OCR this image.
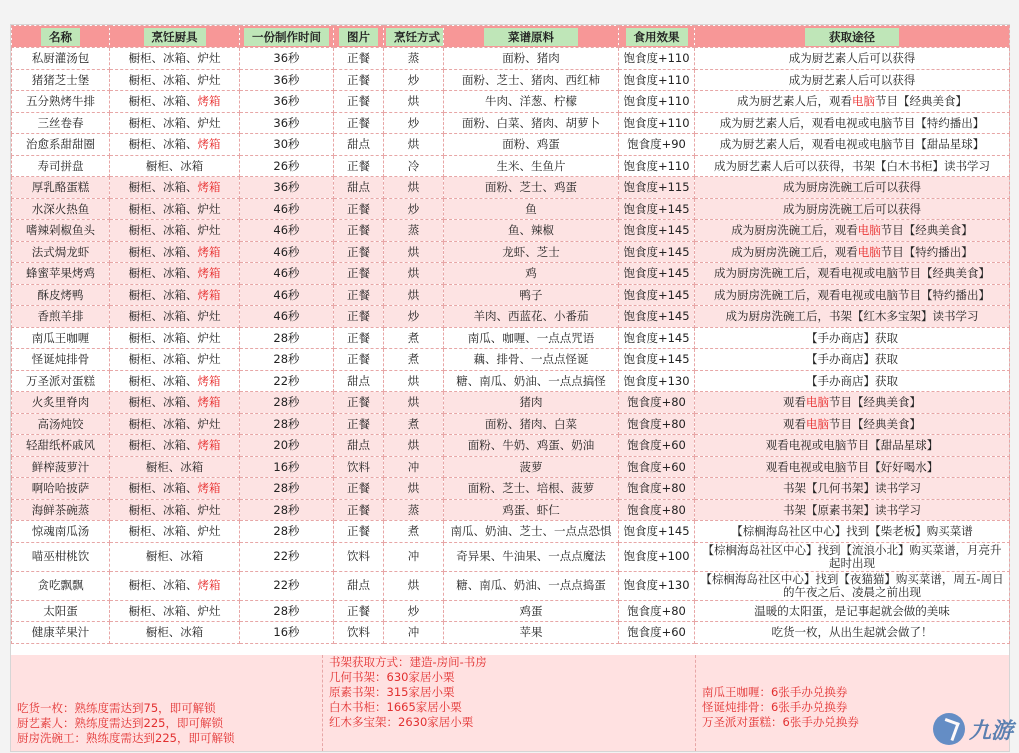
名称	烹饪厨具	一份制作时间	图片	烹饪方式	菜谱原料	食用效果	获取途径
私厨灌汤包	橱柜、冰箱、炉灶	36秒	正餐	蒸	面粉、猪肉	饱食度+110	成为厨艺素人后可以获得
猪猪芝士堡	橱柜、冰箱、炉灶	36秒	正餐	炒	面粉、芝士、猪肉、西红柿	饱食度+110	成为厨艺素人后可以获得
五分熟烤牛排	橱柜、冰箱、烤箱	36秒	正餐	烘	牛肉、洋葱、柠檬	饱食度+110	成为厨艺素人后，观看电脑节目【经典美食】
三丝卷春	橱柜、冰箱、炉灶	36秒	正餐	炒	面粉、白菜、猪肉、胡萝卜	饱食度+110	成为厨艺素人后，观看电视或电脑节目【特约播出】
治愈系甜甜圈	橱柜、冰箱、烤箱	30秒	甜点	烘	面粉、鸡蛋	饱食度+90	成为厨艺素人后，观看电视或电脑节目【甜品星球】
寿司拼盘	橱柜、冰箱	26秒	正餐	冷	生米、生鱼片	饱食度+110	成为厨艺素人后可以获得，书架【白木书柜】读书学习
厚乳酪蛋糕	橱柜、冰箱、烤箱	36秒	甜点	烘	面粉、芝士、鸡蛋	饱食度+115	成为厨房洗碗工后可以获得
水深火热鱼	橱柜、冰箱、炉灶	46秒	正餐	炒	鱼	饱食度+145	成为厨房洗碗工后可以获得
嗜辣剁椒鱼头	橱柜、冰箱、炉灶	46秒	正餐	蒸	鱼、辣椒	饱食度+145	成为厨房洗碗工后，观看电脑节目【经典美食】
法式焗龙虾	橱柜、冰箱、烤箱	46秒	正餐	烘	龙虾、芝士	饱食度+145	成为厨房洗碗工后，观看电脑节目【特约播出】
蜂蜜苹果烤鸡	橱柜、冰箱、烤箱	46秒	正餐	烘	鸡	饱食度+145	成为厨房洗碗工后，观看电视或电脑节目【经典美食】
酥皮烤鸭	橱柜、冰箱、烤箱	46秒	正餐	烘	鸭子	饱食度+145	成为厨房洗碗工后，观看电视或电脑节目【特约播出】
香煎羊排	橱柜、冰箱、炉灶	46秒	正餐	炒	羊肉、西蓝花、小番茄	饱食度+145	成为厨房洗碗工后，书架【红木多宝架】读书学习
南瓜王咖喱	橱柜、冰箱、炉灶	28秒	正餐	煮	南瓜、咖喱、一点点咒语	饱食度+145	【手办商店】获取
怪诞炖排骨	橱柜、冰箱、炉灶	28秒	正餐	煮	藕、排骨、一点点怪诞	饱食度+145	【手办商店】获取
万圣派对蛋糕	橱柜、冰箱、烤箱	22秒	甜点	烘	糖、南瓜、奶油、一点点搞怪	饱食度+130	【手办商店】获取
火炙里脊肉	橱柜、冰箱、烤箱	28秒	正餐	烘	猪肉	饱食度+80	观看电脑节目【经典美食】
高汤炖饺	橱柜、冰箱、炉灶	28秒	正餐	煮	面粉、猪肉、白菜	饱食度+80	观看电脑节目【经典美食】
轻甜纸杯戚风	橱柜、冰箱、烤箱	20秒	甜点	烘	面粉、牛奶、鸡蛋、奶油	饱食度+60	观看电视或电脑节目【甜品星球】
鲜榨菠萝汁	橱柜、冰箱	16秒	饮料	冲	菠萝	饱食度+60	观看电视或电脑节目【好好喝水】
啊哈哈披萨	橱柜、冰箱、烤箱	28秒	正餐	烘	面粉、芝士、培根、菠萝	饱食度+80	书架【几何书架】读书学习
海鲜茶碗蒸	橱柜、冰箱、炉灶	28秒	正餐	蒸	鸡蛋、虾仁	饱食度+80	书架【原素书架】读书学习
惊魂南瓜汤	橱柜、冰箱、炉灶	28秒	正餐	煮	南瓜、奶油、芝士、一点点恐惧	饱食度+145	【棕榈海岛社区中心】找到【柴老板】购买菜谱
喵巫柑桃饮	橱柜、冰箱	22秒	饮料	冲	奇异果、牛油果、一点点魔法	饱食度+100	【棕榈海岛社区中心】找到【流浪小北】购买菜谱，月亮升起时出现
贪吃飘飘	橱柜、冰箱、烤箱	22秒	甜点	烘	糖、南瓜、奶油、一点点捣蛋	饱食度+130	【棕榈海岛社区中心】找到【夜猫猫】购买菜谱，周五-周日的午夜之后、凌晨之前出现
太阳蛋	橱柜、冰箱、炉灶	28秒	正餐	炒	鸡蛋	饱食度+80	温暖的太阳蛋，是记事起就会做的美味
健康苹果汁	橱柜、冰箱	16秒	饮料	冲	苹果	饱食度+60	吃货一枚，从出生起就会做了！
吃货一枚：熟练度需达到75，即可解锁
厨艺素人：熟练度需达到225，即可解锁
厨房洗碗工：熟练度需达到225，即可解锁
书架获取方式：建造-房间-书房
几何书架：630家居小栗
原素书架：315家居小栗
白木书柜：1665家居小栗
红木多宝架：2630家居小栗
南瓜王咖喱：6张手办兑换券
怪诞炖排骨：6张手办兑换券
万圣派对蛋糕：6张手办兑换券	九游
